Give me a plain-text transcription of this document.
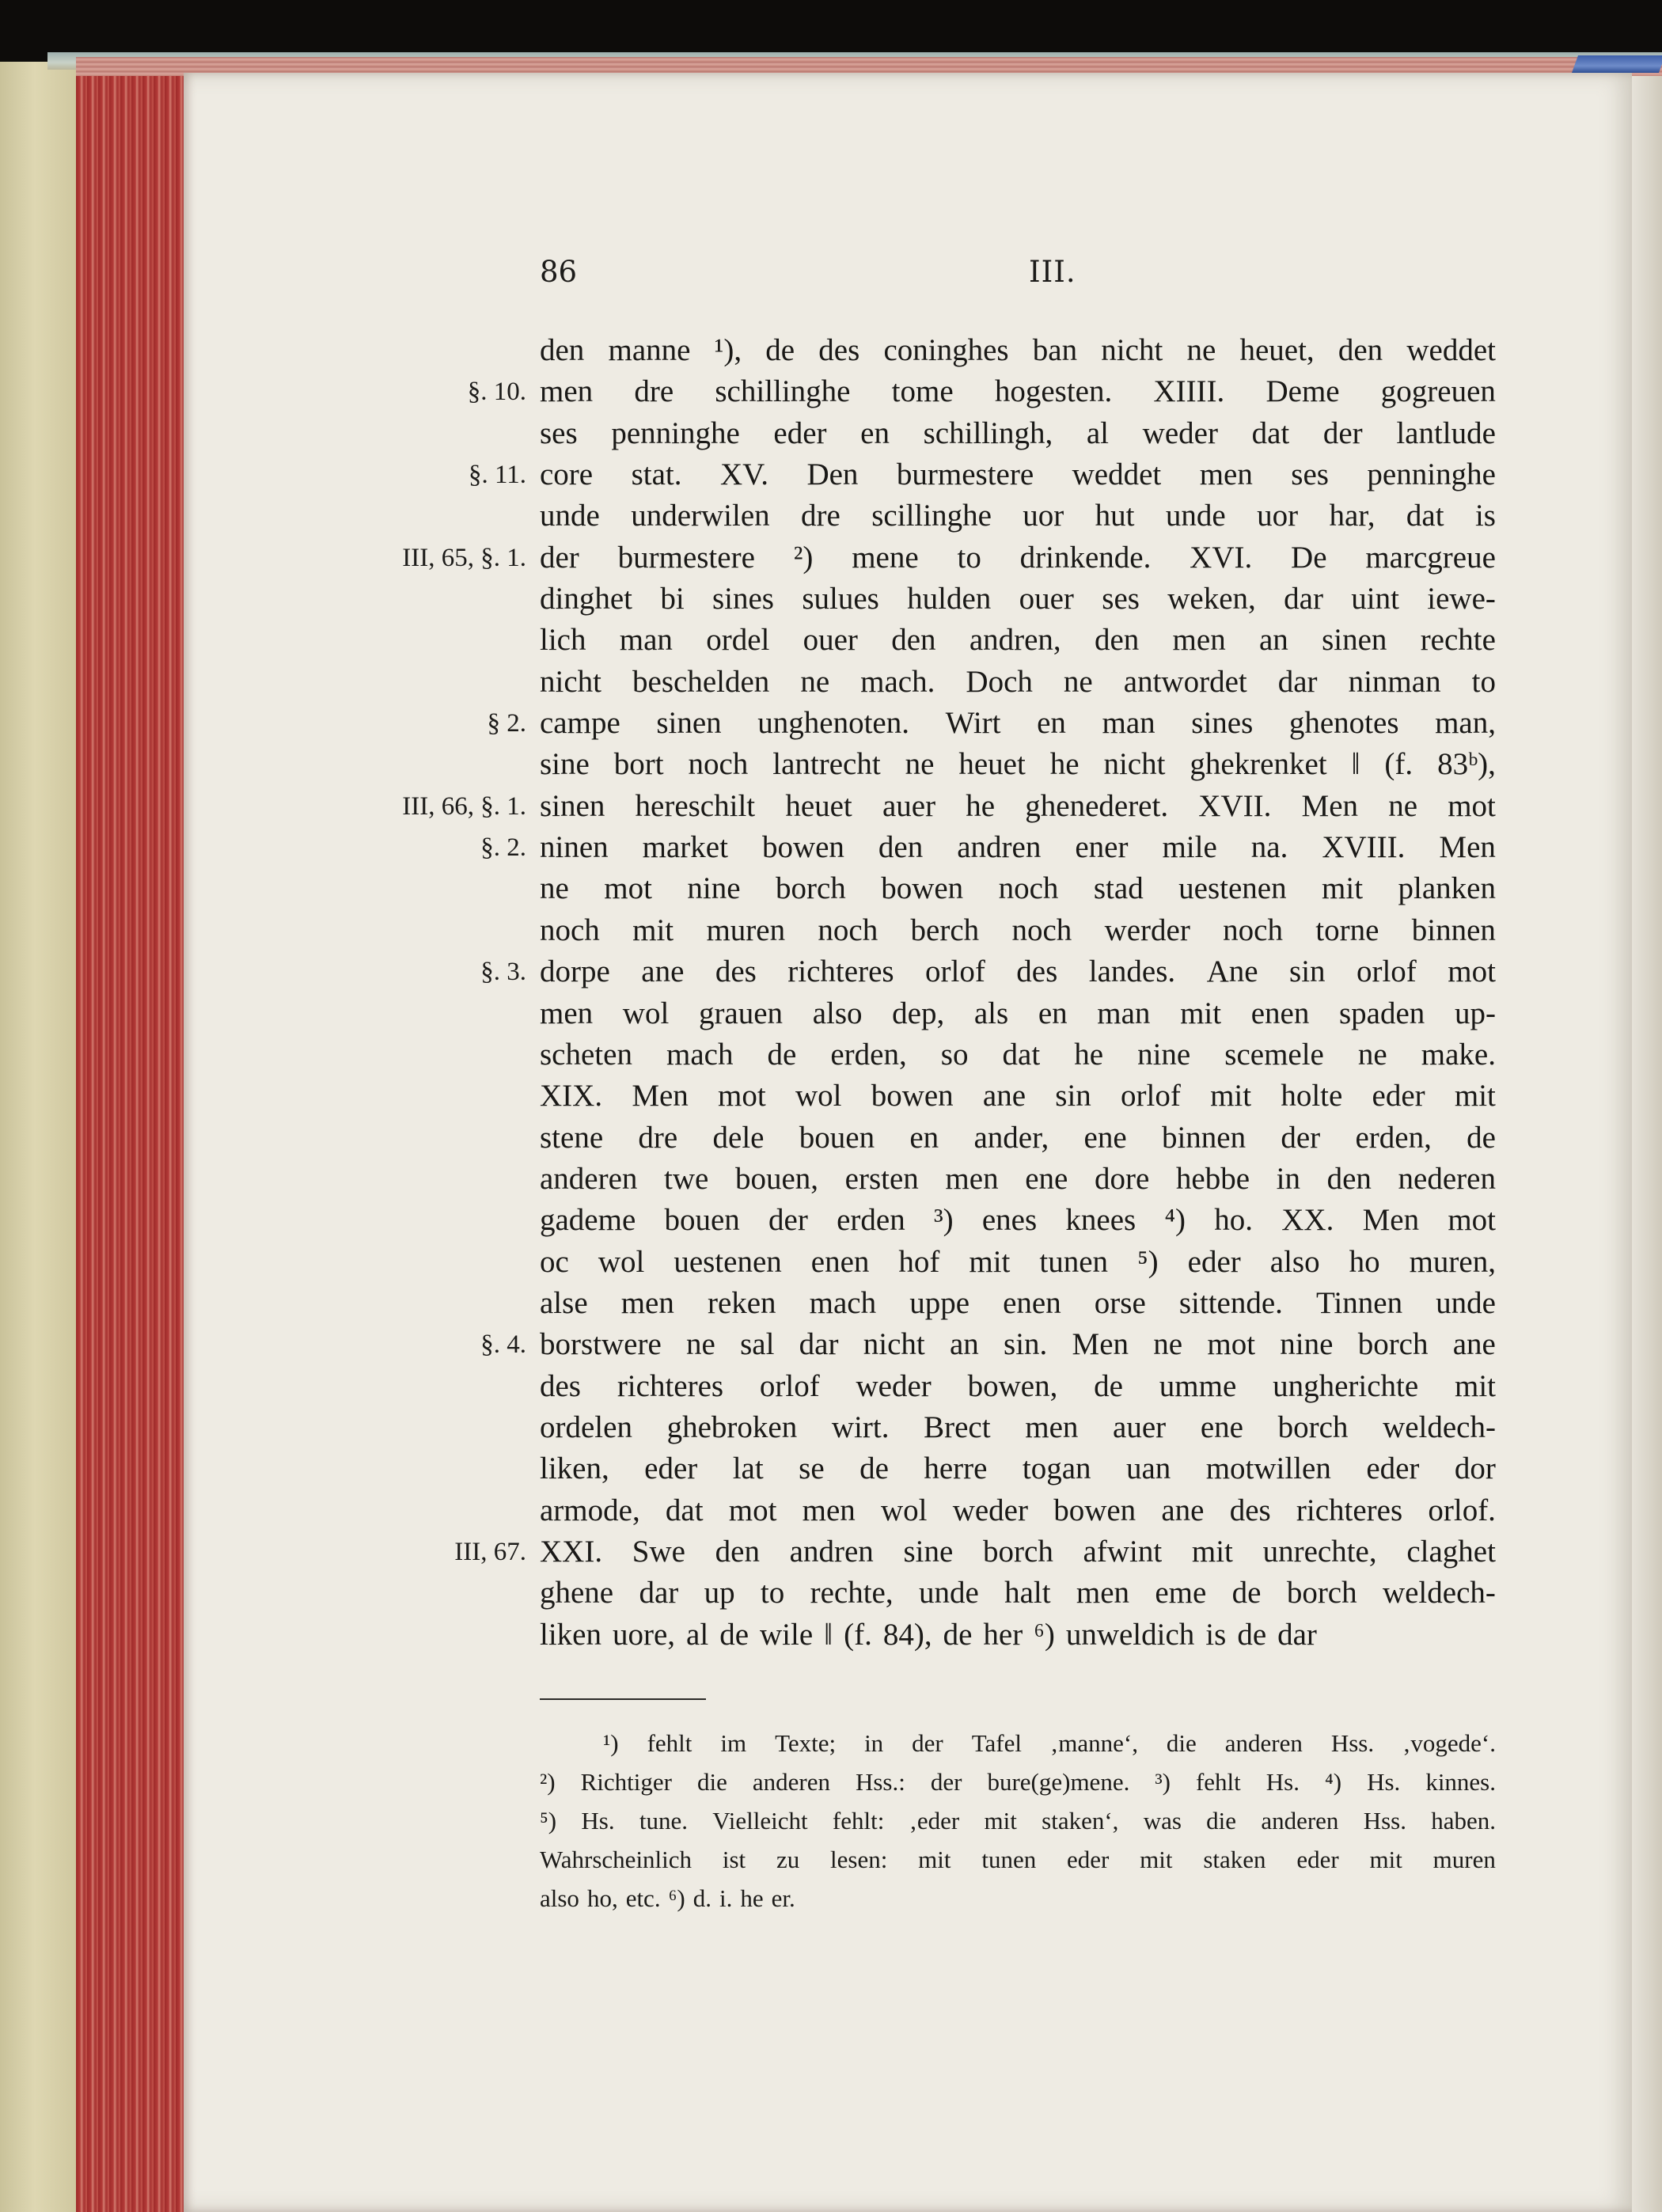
86	III.
den manne ¹), de des coninghes ban nicht ne heuet, den weddet
men dre schillinghe tome hogesten. XIIII. Deme gogreuen
ses penninghe eder en schillingh, al weder dat der lantlude
core stat. XV. Den burmestere weddet men ses penninghe
unde underwilen dre scillinghe uor hut unde uor har, dat is
der burmestere ²) mene to drinkende. XVI. De marcgreue
dinghet bi sines sulues hulden ouer ses weken, dar uint iewe-
lich man ordel ouer den andren, den men an sinen rechte
nicht beschelden ne mach. Doch ne antwordet dar ninman to
campe sinen unghenoten. Wirt en man sines ghenotes man,
sine bort noch lantrecht ne heuet he nicht ghekrenket ‖ (f. 83ᵇ),
sinen hereschilt heuet auer he ghenederet. XVII. Men ne mot
ninen market bowen den andren ener mile na. XVIII. Men
ne mot nine borch bowen noch stad uestenen mit planken
noch mit muren noch berch noch werder noch torne binnen
dorpe ane des richteres orlof des landes. Ane sin orlof mot
men wol grauen also dep, als en man mit enen spaden up-
scheten mach de erden, so dat he nine scemele ne make.
XIX. Men mot wol bowen ane sin orlof mit holte eder mit
stene dre dele bouen en ander, ene binnen der erden, de
anderen twe bouen, ersten men ene dore hebbe in den nederen
gademe bouen der erden ³) enes knees ⁴) ho. XX. Men mot
oc wol uestenen enen hof mit tunen ⁵) eder also ho muren,
alse men reken mach uppe enen orse sittende. Tinnen unde
borstwere ne sal dar nicht an sin. Men ne mot nine borch ane
des richteres orlof weder bowen, de umme ungherichte mit
ordelen ghebroken wirt. Brect men auer ene borch weldech-
liken, eder lat se de herre togan uan motwillen eder dor
armode, dat mot men wol weder bowen ane des richteres orlof.
XXI. Swe den andren sine borch afwint mit unrechte, claghet
ghene dar up to rechte, unde halt men eme de borch weldech-
liken uore, al de wile ‖ (f. 84), de her ⁶) unweldich is de dar
§. 10.
§. 11.
III, 65, §. 1.
§ 2.
III, 66, §. 1.
§. 2.
§. 3.
§. 4.
III, 67.
¹) fehlt im Texte; in der Tafel ‚manne‘, die anderen Hss. ‚vogede‘.
²) Richtiger die anderen Hss.: der bure(ge)mene. ³) fehlt Hs. ⁴) Hs. kinnes.
⁵) Hs. tune. Vielleicht fehlt: ‚eder mit staken‘, was die anderen Hss. haben.
Wahrscheinlich ist zu lesen: mit tunen eder mit staken eder mit muren
also ho, etc. ⁶) d. i. he er.
